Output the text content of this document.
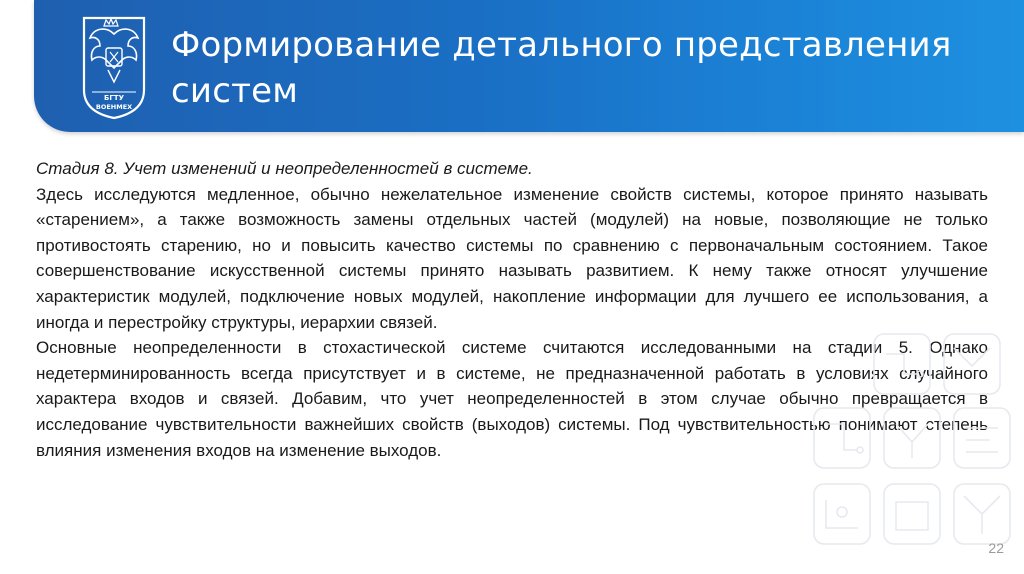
БГТУ
ВОЕНМЕХ
Формирование детального представления систем

Стадия 8. Учет изменений и неопределенностей в системе.

Здесь исследуются медленное, обычно нежелательное изменение свойств системы, которое принято называть «старением», а также возможность замены отдельных частей (модулей) на новые, позволяющие не только противостоять старению, но и повысить качество системы по сравнению с первоначальным состоянием. Такое совершенствование искусственной системы принято называть развитием. К нему также относят улучшение характеристик модулей, подключение новых модулей, накопление информации для лучшего ее использования, а иногда и перестройку структуры, иерархии связей.

Основные неопределенности в стохастической системе считаются исследованными на стадии 5. Однако недетерминированность всегда присутствует и в системе, не предназначенной работать в условиях случайного характера входов и связей. Добавим, что учет неопределенностей в этом случае обычно превращается в исследование чувствительности важнейших свойств (выходов) системы. Под чувствительностью понимают степень влияния изменения входов на изменение выходов.

22
